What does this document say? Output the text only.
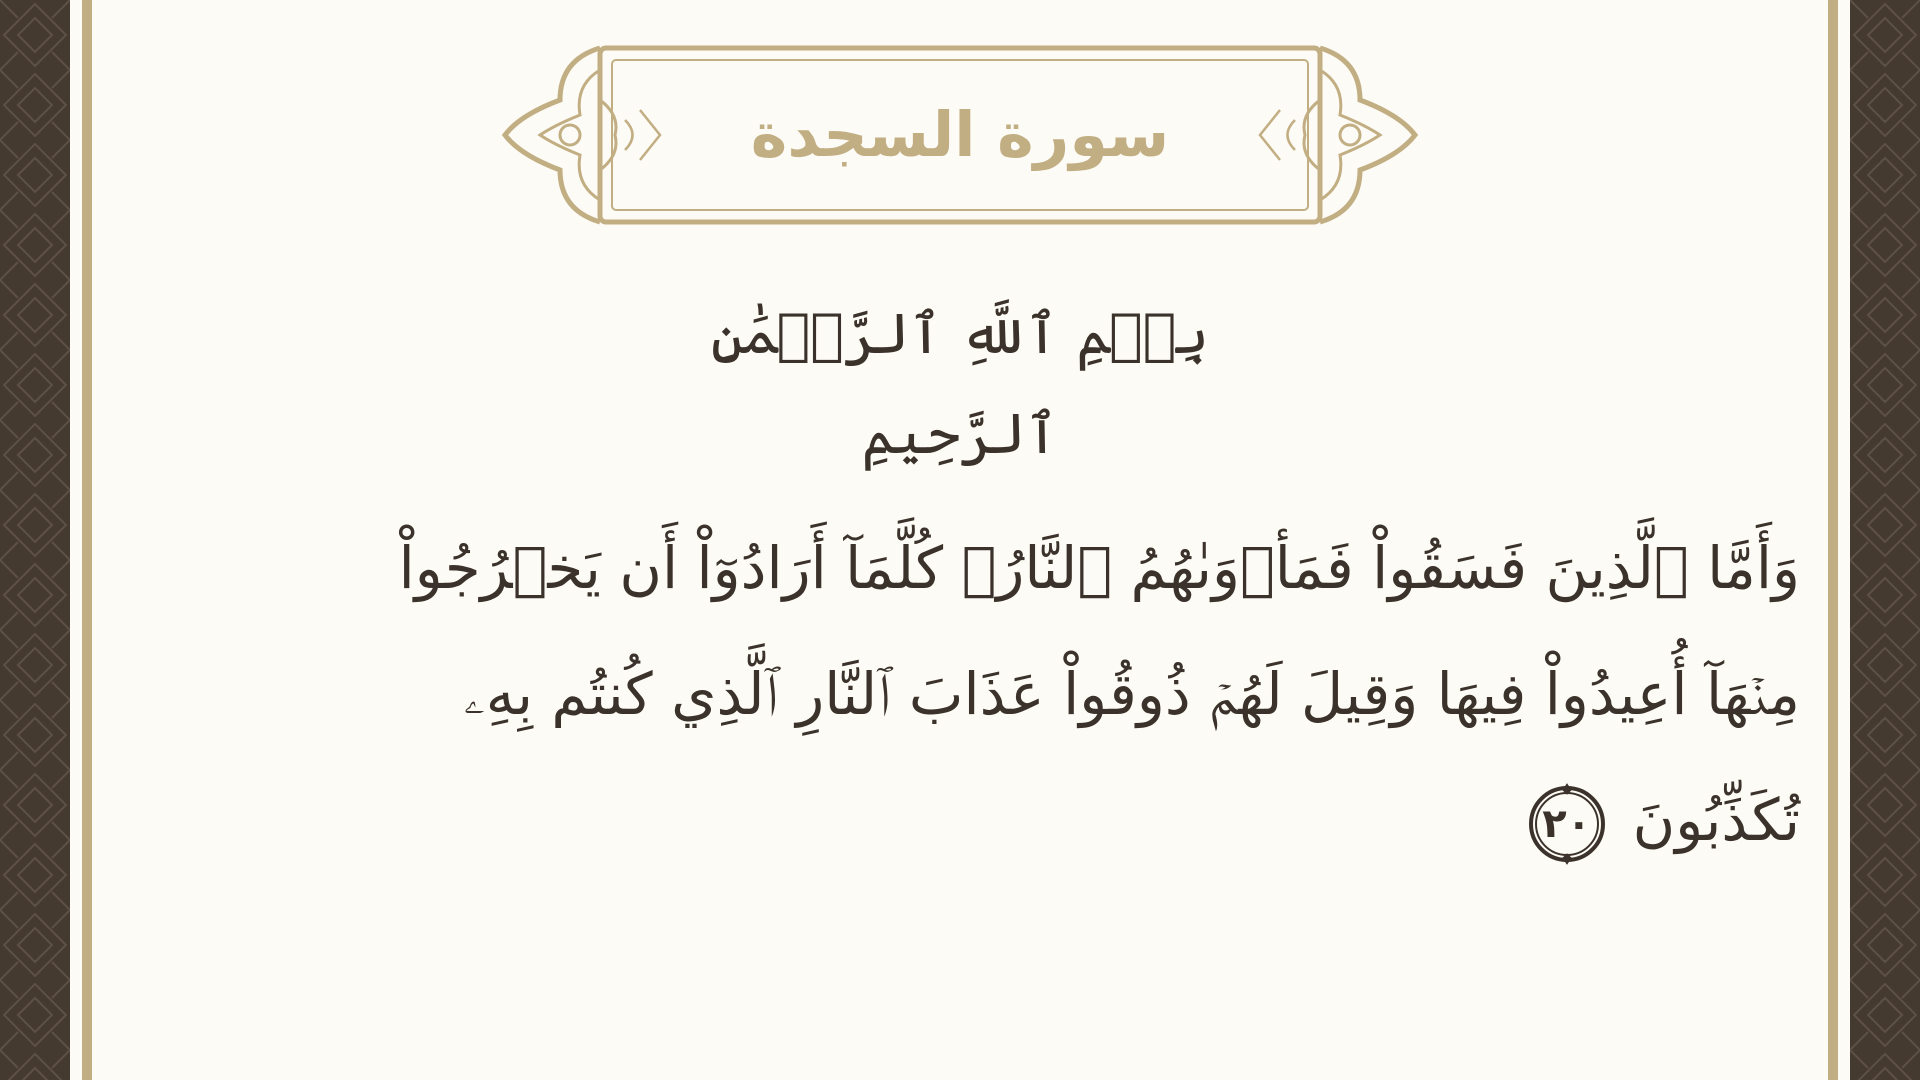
سورة السجدة
بِسۡمِ ٱللَّهِ ٱلرَّحۡمَٰنِ ٱلرَّحِيمِ
وَأَمَّا ٱلَّذِينَ فَسَقُواْ فَمَأۡوَىٰهُمُ ٱلنَّارُۖ كُلَّمَآ أَرَادُوٓاْ أَن يَخۡرُجُواْ
مِنۡهَآ أُعِيدُواْ فِيهَا وَقِيلَ لَهُمۡ ذُوقُواْ عَذَابَ ٱلنَّارِ ٱلَّذِي كُنتُم بِهِۦ
تُكَذِّبُونَ
٢٠
